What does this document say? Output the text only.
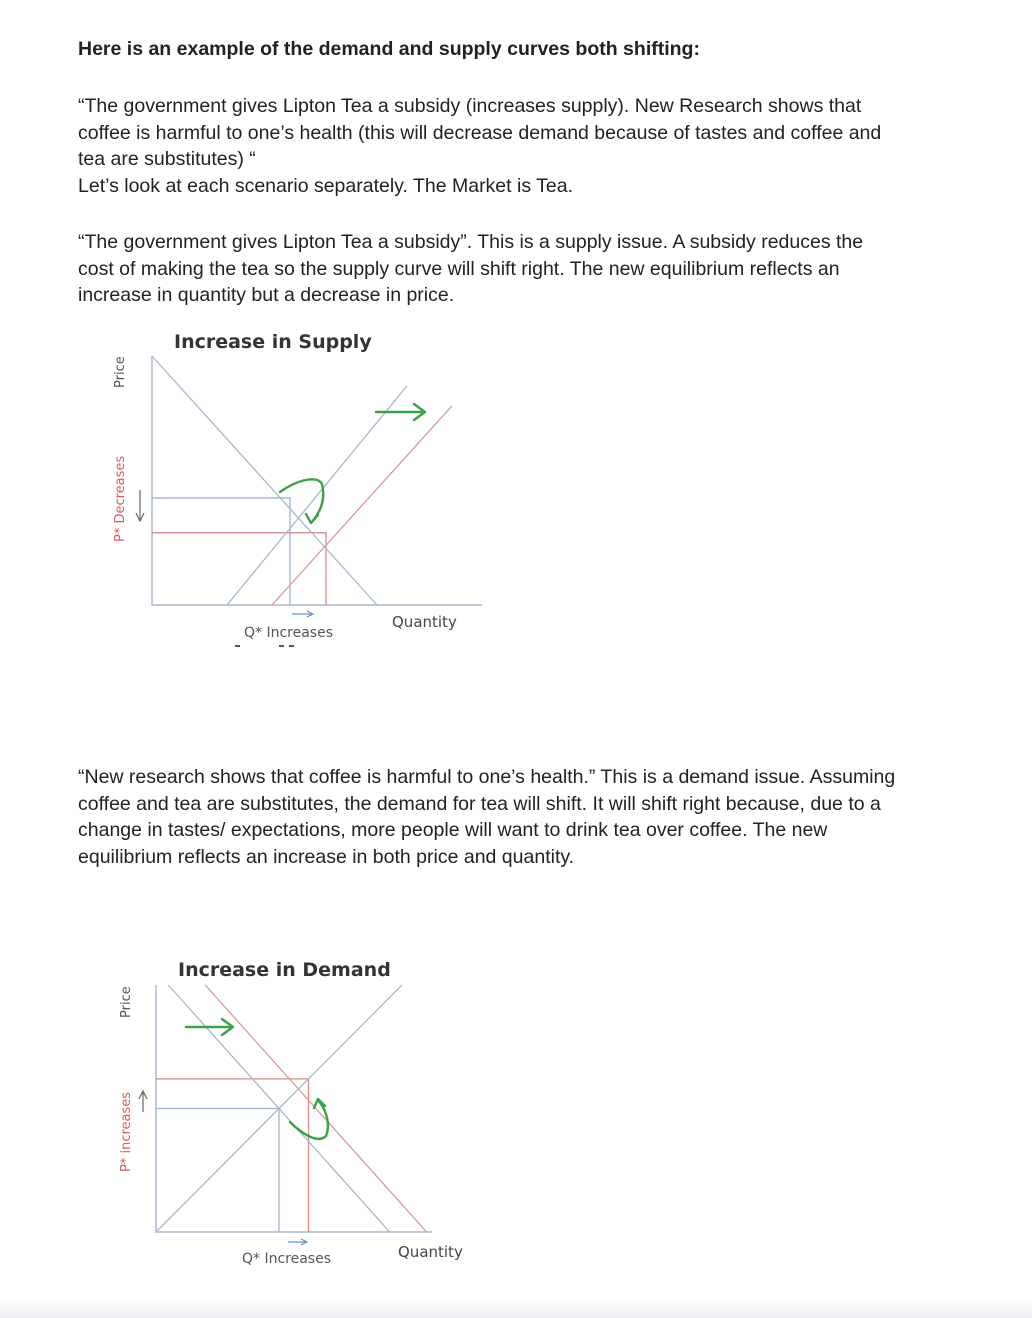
Here is an example of the demand and supply curves both shifting:

“The government gives Lipton Tea a subsidy (increases supply). New Research shows that
coffee is harmful to one’s health (this will decrease demand because of tastes and coffee and
tea are substitutes) “
Let’s look at each scenario separately. The Market is Tea.

“The government gives Lipton Tea a subsidy”. This is a supply issue. A subsidy reduces the
cost of making the tea so the supply curve will shift right. The new equilibrium reflects an
increase in quantity but a decrease in price.

“New research shows that coffee is harmful to one’s health.” This is a demand issue. Assuming
coffee and tea are substitutes, the demand for tea will shift. It will shift right because, due to a
change in tastes/ expectations, more people will want to drink tea over coffee. The new
equilibrium reflects an increase in both price and quantity.

Increase in Supply
Price
P* Decreases
Q* Increases
Quantity
Increase in Demand
Price
P* increases
Q* Increases	Quantity
